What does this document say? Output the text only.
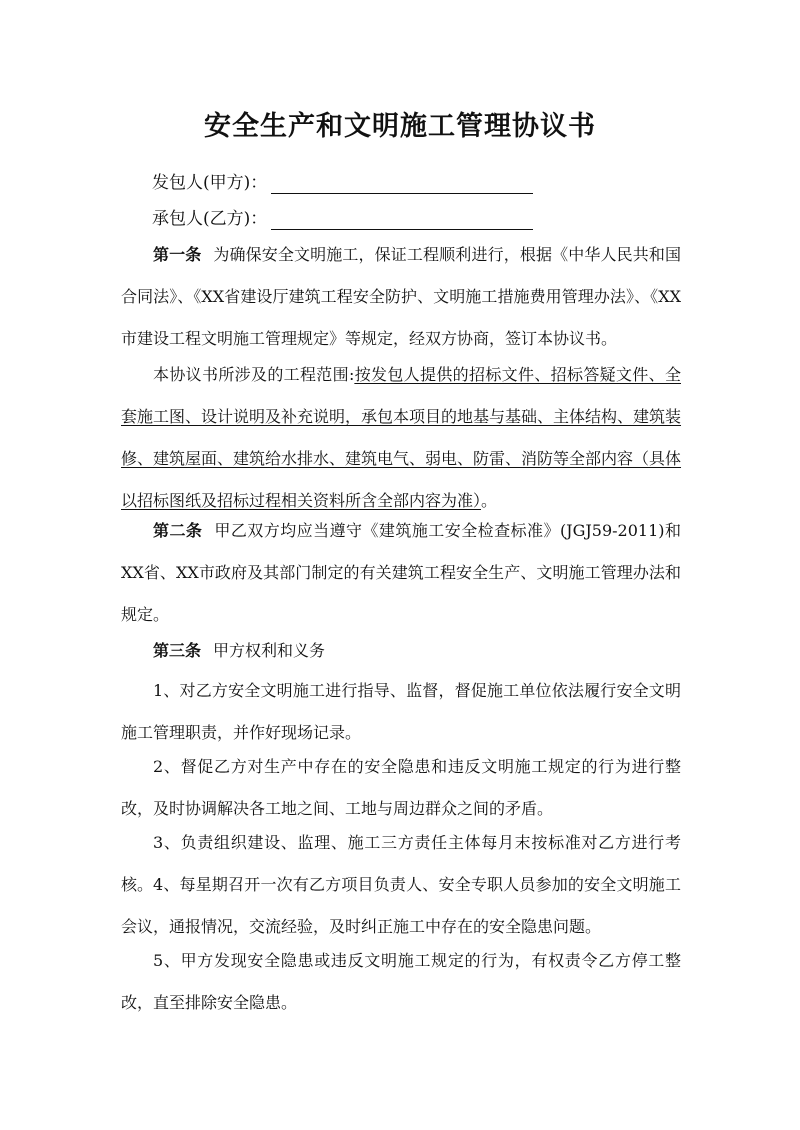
安全生产和文明施工管理协议书
发包人(甲方)：
承包人(乙方)：
第一条 为确保安全文明施工，保证工程顺利进行，根据《中华人民共和国合同法》、《XX省建设厅建筑工程安全防护、文明施工措施费用管理办法》、《XX市建设工程文明施工管理规定》等规定，经双方协商，签订本协议书。
本协议书所涉及的工程范围:按发包人提供的招标文件、招标答疑文件、全套施工图、设计说明及补充说明，承包本项目的地基与基础、主体结构、建筑装修、建筑屋面、建筑给水排水、建筑电气、弱电、防雷、消防等全部内容（具体以招标图纸及招标过程相关资料所含全部内容为准）。
第二条 甲乙双方均应当遵守《建筑施工安全检查标准》(JGJ59-2011)和XX省、XX市政府及其部门制定的有关建筑工程安全生产、文明施工管理办法和规定。
第三条 甲方权利和义务
1、对乙方安全文明施工进行指导、监督，督促施工单位依法履行安全文明施工管理职责，并作好现场记录。
2、督促乙方对生产中存在的安全隐患和违反文明施工规定的行为进行整改，及时协调解决各工地之间、工地与周边群众之间的矛盾。
3、负责组织建设、监理、施工三方责任主体每月末按标准对乙方进行考核。 4、每星期召开一次有乙方项目负责人、安全专职人员参加的安全文明施工会议，通报情况，交流经验，及时纠正施工中存在的安全隐患问题。
5、甲方发现安全隐患或违反文明施工规定的行为，有权责令乙方停工整改，直至排除安全隐患。
